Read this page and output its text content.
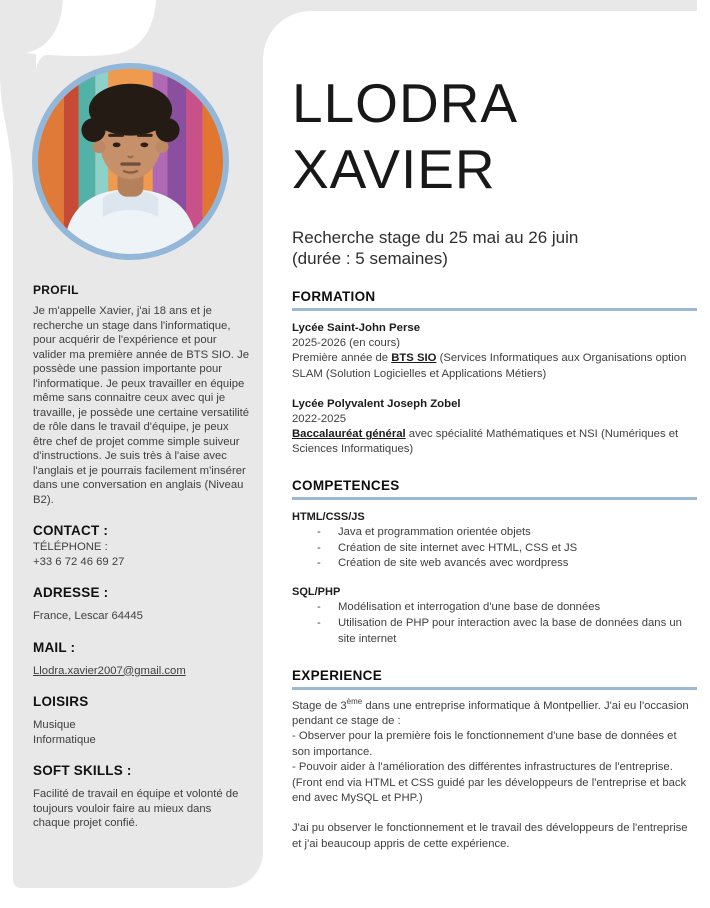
PROFIL

Je m'appelle Xavier, j'ai 18 ans et je recherche un stage dans l'informatique, pour acquérir de l'expérience et pour valider ma première année de BTS SIO. Je possède une passion importante pour l'informatique. Je peux travailler en équipe même sans connaitre ceux avec qui je travaille, je possède une certaine versatilité de rôle dans le travail d'équipe, je peux être chef de projet comme simple suiveur d'instructions. Je suis très à l'aise avec l'anglais et je pourrais facilement m'insérer dans une conversation en anglais (Niveau B2).

CONTACT :
TÉLÉPHONE :
+33 6 72 46 69 27
ADRESSE :
France, Lescar 64445
MAIL :
Llodra.xavier2007@gmail.com
LOISIRS
Musique
Informatique
SOFT SKILLS :

Facilité de travail en équipe et volonté de toujours vouloir faire au mieux dans chaque projet confié.

LLODRA
XAVIER

Recherche stage du 25 mai au 26 juin (durée : 5 semaines)

FORMATION
Lycée Saint-John Perse
2025-2026 (en cours)
Première année de BTS SIO (Services Informatiques aux Organisations option SLAM (Solution Logicielles et Applications Métiers)
Lycée Polyvalent Joseph Zobel
2022-2025
Baccalauréat général avec spécialité Mathématiques et NSI (Numériques et Sciences Informatiques)
COMPETENCES
HTML/CSS/JS
-	Java et programmation orientée objets
-	Création de site internet avec HTML, CSS et JS
-	Création de site web avancés avec wordpress
SQL/PHP
-	Modélisation et interrogation d'une base de données
-	Utilisation de PHP pour interaction avec la base de données dans un site internet
EXPERIENCE

Stage de 3ème dans une entreprise informatique à Montpellier. J'ai eu l'occasion pendant ce stage de :

- Observer pour la première fois le fonctionnement d'une base de données et son importance.

- Pouvoir aider à l'amélioration des différentes infrastructures de l'entreprise. (Front end via HTML et CSS guidé par les développeurs de l'entreprise et back end avec MySQL et PHP.)

J'ai pu observer le fonctionnement et le travail des développeurs de l'entreprise et j'ai beaucoup appris de cette expérience.
